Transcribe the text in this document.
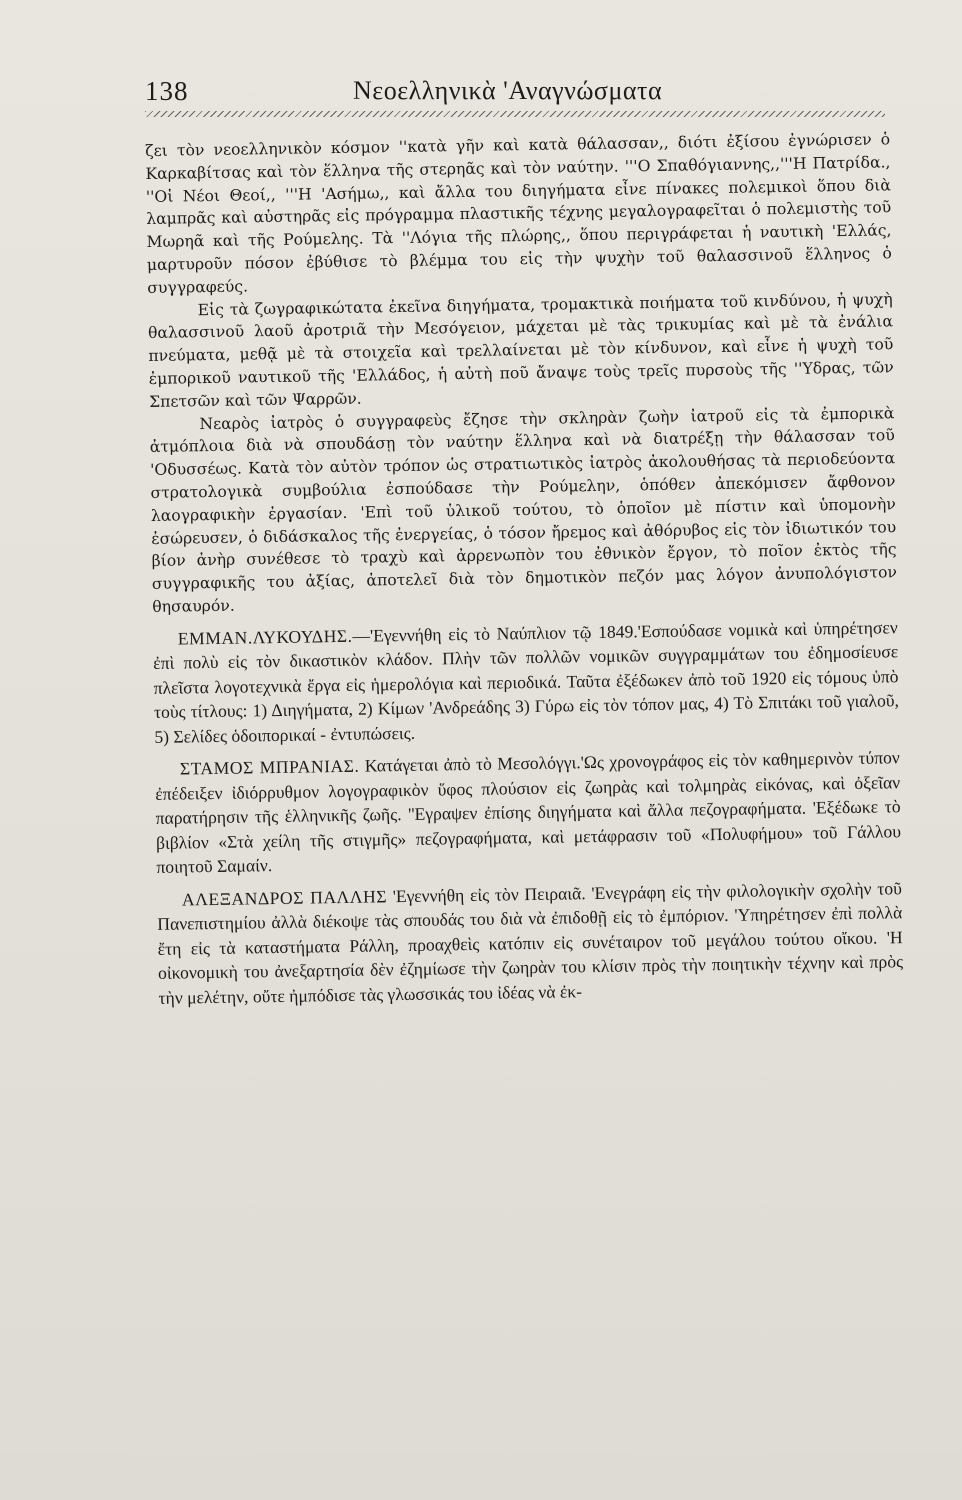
138	Νεοελληνικὰ 'Αναγνώσματα

ζει τὸν νεοελληνικὸν κόσμον ''κατὰ γῆν καὶ κατὰ θάλασσαν,, διότι ἐξίσου ἐγνώρισεν ὁ Καρκαβίτσας καὶ τὸν ἕλληνα τῆς στερηᾶς καὶ τὸν ναύτην. '''Ο Σπαθόγιαννης,,'''Η Πατρίδα., ''Οἱ Νέοι Θεοί,, '''Η 'Ασήμω,, καὶ ἄλλα του διηγήματα εἶνε πίνακες πολεμικοὶ ὅπου διὰ λαμπρᾶς καὶ αὐστηρᾶς εἰς πρόγραμμα πλαστικῆς τέχνης μεγαλογραφεῖται ὁ πολεμιστὴς τοῦ Μωρηᾶ καὶ τῆς Ρούμελης. Τὰ ''Λόγια τῆς πλώρης,, ὅπου περιγράφεται ἡ ναυτικὴ 'Ελλάς, μαρτυροῦν πόσον ἐβύθισε τὸ βλέμμα του εἰς τὴν ψυχὴν τοῦ θαλασσινοῦ ἕλληνος ὁ συγγραφεύς.

Εἰς τὰ ζωγραφικώτατα ἐκεῖνα διηγήματα, τρομακτικὰ ποιήματα τοῦ κινδύνου, ἡ ψυχὴ θαλασσινοῦ λαοῦ ἀροτριᾶ τὴν Μεσόγειον, μάχεται μὲ τὰς τρικυμίας καὶ μὲ τὰ ἐνάλια πνεύματα, μεθᾷ μὲ τὰ στοιχεῖα καὶ τρελλαίνεται μὲ τὸν κίνδυνον, καὶ εἶνε ἡ ψυχὴ τοῦ ἐμπορικοῦ ναυτικοῦ τῆς 'Ελλάδος, ἡ αὐτὴ ποῦ ἄναψε τοὺς τρεῖς πυρσοὺς τῆς ''Υδρας, τῶν Σπετσῶν καὶ τῶν Ψαρρῶν.

Νεαρὸς ἰατρὸς ὁ συγγραφεὺς ἔζησε τὴν σκληρὰν ζωὴν ἰατροῦ εἰς τὰ ἐμπορικὰ ἀτμόπλοια διὰ νὰ σπουδάσῃ τὸν ναύτην ἕλληνα καὶ νὰ διατρέξῃ τὴν θάλασσαν τοῦ 'Οδυσσέως. Κατὰ τὸν αὐτὸν τρόπον ὡς στρατιωτικὸς ἰατρὸς ἀκολουθήσας τὰ περιοδεύοντα στρατολογικὰ συμβούλια ἐσπούδασε τὴν Ρούμελην, ὁπόθεν ἀπεκόμισεν ἄφθονον λαογραφικὴν ἐργασίαν. 'Επὶ τοῦ ὑλικοῦ τούτου, τὸ ὁποῖον μὲ πίστιν καὶ ὑπομονὴν ἐσώρευσεν, ὁ διδάσκαλος τῆς ἐνεργείας, ὁ τόσον ἤρεμος καὶ ἀθόρυβος εἰς τὸν ἰδιωτικόν του βίον ἀνὴρ συνέθεσε τὸ τραχὺ καὶ ἀρρενωπὸν του ἐθνικὸν ἔργον, τὸ ποῖον ἐκτὸς τῆς συγγραφικῆς του ἀξίας, ἀποτελεῖ διὰ τὸν δημοτικὸν πεζόν μας λόγον ἀνυπολόγιστον θησαυρόν.

ΕΜΜΑΝ.ΛΥΚΟΥΔΗΣ.—'Εγεννήθη εἰς τὸ Ναύπλιον τῷ 1849.'Εσπούδασε νομικὰ καὶ ὑπηρέτησεν ἐπὶ πολὺ εἰς τὸν δικαστικὸν κλάδον. Πλὴν τῶν πολλῶν νομικῶν συγγραμμάτων του ἐδημοσίευσε πλεῖστα λογοτεχνικὰ ἔργα εἰς ἡμερολόγια καὶ περιοδικά. Ταῦτα ἐξέδωκεν ἀπὸ τοῦ 1920 εἰς τόμους ὑπὸ τοὺς τίτλους: 1) Διηγήματα, 2) Κίμων 'Ανδρεάδης 3) Γύρω εἰς τὸν τόπον μας, 4) Τὸ Σπιτάκι τοῦ γιαλοῦ, 5) Σελίδες ὁδοιπορικαί - ἐντυπώσεις.

ΣΤΑΜΟΣ ΜΠΡΑΝΙΑΣ. Κατάγεται ἀπὸ τὸ Μεσολόγγι.'Ως χρονογράφος εἰς τὸν καθημερινὸν τύπον ἐπέδειξεν ἰδιόρρυθμον λογογραφικὸν ὕφος πλούσιον εἰς ζωηρὰς καὶ τολμηρὰς εἰκόνας, καὶ ὀξεῖαν παρατήρησιν τῆς ἑλληνικῆς ζωῆς. ''Εγραψεν ἐπίσης διηγήματα καὶ ἄλλα πεζογραφήματα. 'Εξέδωκε τὸ βιβλίον «Στὰ χείλη τῆς στιγμῆς» πεζογραφήματα, καὶ μετάφρασιν τοῦ «Πολυφήμου» τοῦ Γάλλου ποιητοῦ Σαμαίν.

ΑΛΕΞΑΝΔΡΟΣ ΠΑΛΛΗΣ 'Εγεννήθη εἰς τὸν Πειραιᾶ. 'Ενεγράφη εἰς τὴν φιλολογικὴν σχολὴν τοῦ Πανεπιστημίου ἀλλὰ διέκοψε τὰς σπουδάς του διὰ νὰ ἐπιδοθῇ εἰς τὸ ἐμπόριον. 'Υπηρέτησεν ἐπὶ πολλὰ ἔτη εἰς τὰ καταστήματα Ράλλη, προαχθεὶς κατόπιν εἰς συνέταιρον τοῦ μεγάλου τούτου οἴκου. 'Η οἰκονομικὴ του ἀνεξαρτησία δὲν ἐζημίωσε τὴν ζωηρὰν του κλίσιν πρὸς τὴν ποιητικὴν τέχνην καὶ πρὸς τὴν μελέτην, οὔτε ἠμπόδισε τὰς γλωσσικάς του ἰδέας νὰ ἐκ-
